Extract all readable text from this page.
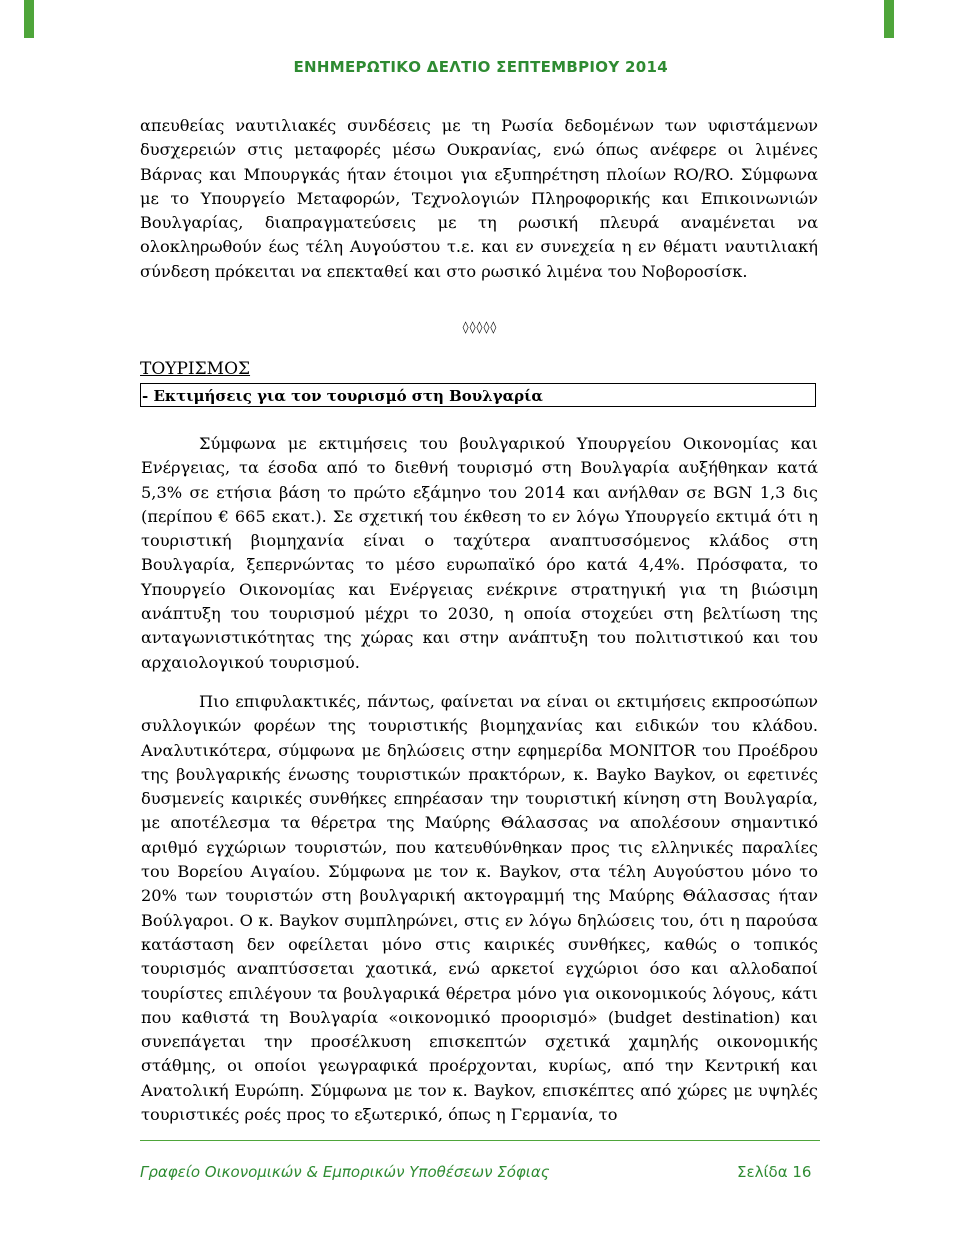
ΕΝΗΜΕΡΩΤΙΚΟ ΔΕΛΤΙΟ ΣΕΠΤΕΜΒΡΙΟΥ 2014

απευθείας ναυτιλιακές συνδέσεις με τη Ρωσία δεδομένων των υφιστάμενων δυσχερειών στις μεταφορές μέσω Ουκρανίας, ενώ όπως ανέφερε οι λιμένες Βάρνας και Μπουργκάς ήταν έτοιμοι για εξυπηρέτηση πλοίων RO/RO. Σύμφωνα με το Υπουργείο Μεταφορών, Τεχνολογιών Πληροφορικής και Επικοινωνιών Βουλγαρίας, διαπραγματεύσεις με τη ρωσική πλευρά αναμένεται να ολοκληρωθούν έως τέλη Αυγούστου τ.ε. και εν συνεχεία η εν θέματι ναυτιλιακή σύνδεση πρόκειται να επεκταθεί και στο ρωσικό λιμένα του Νοβοροσίσκ.

◊◊◊◊◊
ΤΟΥΡΙΣΜΟΣ
- Εκτιμήσεις για τον τουρισμό στη Βουλγαρία

Σύμφωνα με εκτιμήσεις του βουλγαρικού Υπουργείου Οικονομίας και Ενέργειας, τα έσοδα από το διεθνή τουρισμό στη Βουλγαρία αυξήθηκαν κατά 5,3% σε ετήσια βάση το πρώτο εξάμηνο του 2014 και ανήλθαν σε BGN 1,3 δις (περίπου € 665 εκατ.). Σε σχετική του έκθεση το εν λόγω Υπουργείο εκτιμά ότι η τουριστική βιομηχανία είναι ο ταχύτερα αναπτυσσόμενος κλάδος στη Βουλγαρία, ξεπερνώντας το μέσο ευρωπαϊκό όρο κατά 4,4%. Πρόσφατα, το Υπουργείο Οικονομίας και Ενέργειας ενέκρινε στρατηγική για τη βιώσιμη ανάπτυξη του τουρισμού μέχρι το 2030, η οποία στοχεύει στη βελτίωση της ανταγωνιστικότητας της χώρας και στην ανάπτυξη του πολιτιστικού και του αρχαιολογικού τουρισμού.

Πιο επιφυλακτικές, πάντως, φαίνεται να είναι οι εκτιμήσεις εκπροσώπων συλλογικών φορέων της τουριστικής βιομηχανίας και ειδικών του κλάδου. Αναλυτικότερα, σύμφωνα με δηλώσεις στην εφημερίδα MONITOR του Προέδρου της βουλγαρικής ένωσης τουριστικών πρακτόρων, κ. Bayko Baykov, οι εφετινές δυσμενείς καιρικές συνθήκες επηρέασαν την τουριστική κίνηση στη Βουλγαρία, με αποτέλεσμα τα θέρετρα της Μαύρης Θάλασσας να απολέσουν σημαντικό αριθμό εγχώριων τουριστών, που κατευθύνθηκαν προς τις ελληνικές παραλίες του Βορείου Αιγαίου. Σύμφωνα με τον κ. Baykov, στα τέλη Αυγούστου μόνο το 20% των τουριστών στη βουλγαρική ακτογραμμή της Μαύρης Θάλασσας ήταν Βούλγαροι. Ο κ. Baykov συμπληρώνει, στις εν λόγω δηλώσεις του, ότι η παρούσα κατάσταση δεν οφείλεται μόνο στις καιρικές συνθήκες, καθώς ο τοπικός τουρισμός αναπτύσσεται χαοτικά, ενώ αρκετοί εγχώριοι όσο και αλλοδαποί τουρίστες επιλέγουν τα βουλγαρικά θέρετρα μόνο για οικονομικούς λόγους, κάτι που καθιστά τη Βουλγαρία «οικονομικό προορισμό» (budget destination) και συνεπάγεται την προσέλκυση επισκεπτών σχετικά χαμηλής οικονομικής στάθμης, οι οποίοι γεωγραφικά προέρχονται, κυρίως, από την Κεντρική και Ανατολική Ευρώπη. Σύμφωνα με τον κ. Baykov, επισκέπτες από χώρες με υψηλές τουριστικές ροές προς το εξωτερικό, όπως η Γερμανία, το

Γραφείο Οικονομικών & Εμπορικών Υποθέσεων Σόφιας	Σελίδα 16
